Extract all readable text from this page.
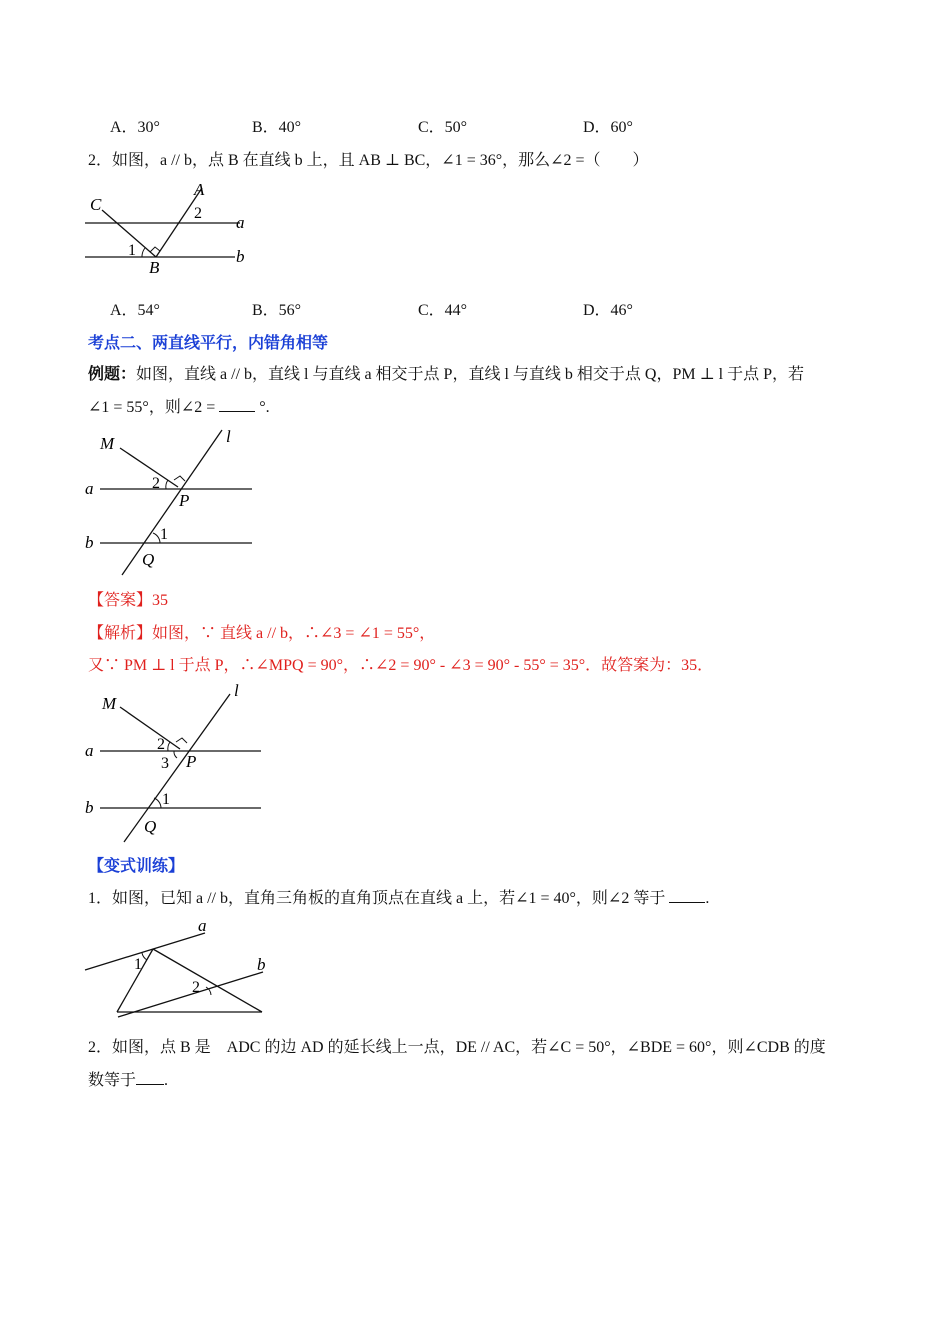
A．30°	B．40°	C．50°	D．60°
2．如图，a // b，点 B 在直线 b 上，且 AB ⊥ BC，∠1 = 36°，那么∠2 =（　　）
C
A
2 a
1
B
b
A．54°	B．56°	C．44°	D．46°
考点二、两直线平行，内错角相等
例题：如图，直线 a // b，直线 l 与直线 a 相交于点 P，直线 l 与直线 b 相交于点 Q，PM ⊥ l 于点 P，若
∠1 = 55°，则∠2 =	°.
M	l
a	2
P
b	1
Q
【答案】35
【解析】如图，∵ 直线 a // b，∴∠3 = ∠1 = 55°，
又∵ PM ⊥ l 于点 P，∴∠MPQ = 90°，∴∠2 = 90° - ∠3 = 90° - 55° = 35°．故答案为：35．
M
l
a	2
3 P
b	1
Q
【变式训练】
1．如图，已知 a // b，直角三角板的直角顶点在直线 a 上，若∠1 = 40°，则∠2 等于	.
a
b
1
2
2．如图，点 B 是　ADC 的边 AD 的延长线上一点，DE // AC，若∠C = 50°，∠BDE = 60°，则∠CDB 的度
数等于 .
